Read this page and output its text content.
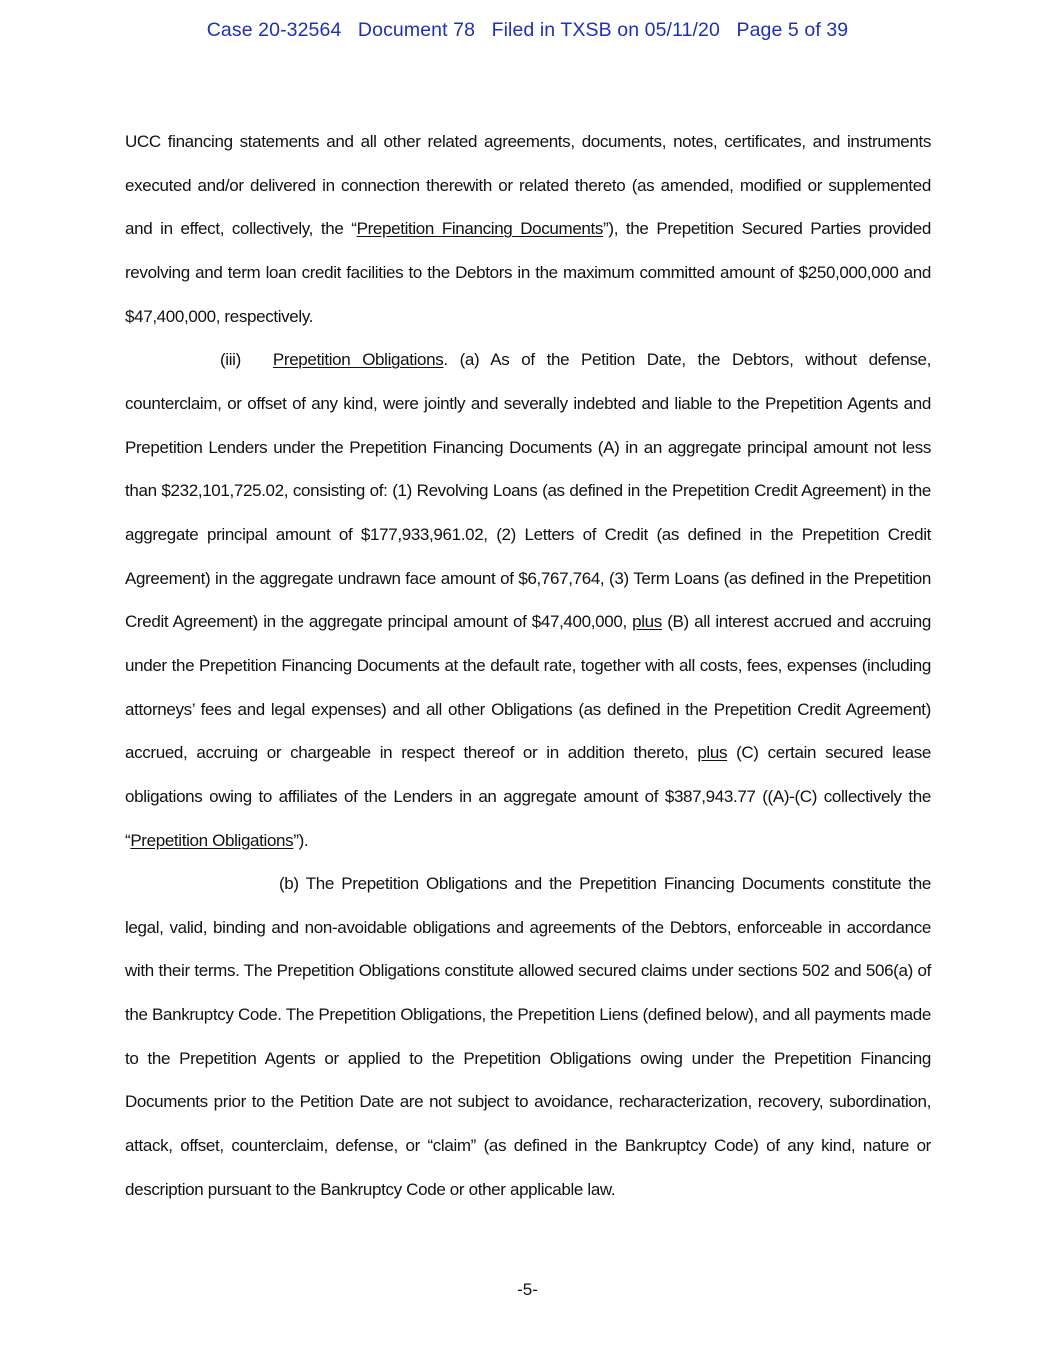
Case 20-32564   Document 78   Filed in TXSB on 05/11/20   Page 5 of 39

UCC financing statements and all other related agreements, documents, notes, certificates, and instruments executed and/or delivered in connection therewith or related thereto (as amended, modified or supplemented and in effect, collectively, the “Prepetition Financing Documents”), the Prepetition Secured Parties provided revolving and term loan credit facilities to the Debtors in the maximum committed amount of $250,000,000 and $47,400,000, respectively.

(iii) Prepetition Obligations. (a) As of the Petition Date, the Debtors, without defense, counterclaim, or offset of any kind, were jointly and severally indebted and liable to the Prepetition Agents and Prepetition Lenders under the Prepetition Financing Documents (A) in an aggregate principal amount not less than $232,101,725.02, consisting of: (1) Revolving Loans (as defined in the Prepetition Credit Agreement) in the aggregate principal amount of $177,933,961.02, (2) Letters of Credit (as defined in the Prepetition Credit Agreement) in the aggregate undrawn face amount of $6,767,764, (3) Term Loans (as defined in the Prepetition Credit Agreement) in the aggregate principal amount of $47,400,000, plus (B) all interest accrued and accruing under the Prepetition Financing Documents at the default rate, together with all costs, fees, expenses (including attorneys’ fees and legal expenses) and all other Obligations (as defined in the Prepetition Credit Agreement) accrued, accruing or chargeable in respect thereof or in addition thereto, plus (C) certain secured lease obligations owing to affiliates of the Lenders in an aggregate amount of $387,943.77 ((A)-(C) collectively the “Prepetition Obligations”).

(b) The Prepetition Obligations and the Prepetition Financing Documents constitute the legal, valid, binding and non-avoidable obligations and agreements of the Debtors, enforceable in accordance with their terms. The Prepetition Obligations constitute allowed secured claims under sections 502 and 506(a) of the Bankruptcy Code. The Prepetition Obligations, the Prepetition Liens (defined below), and all payments made to the Prepetition Agents or applied to the Prepetition Obligations owing under the Prepetition Financing Documents prior to the Petition Date are not subject to avoidance, recharacterization, recovery, subordination, attack, offset, counterclaim, defense, or “claim” (as defined in the Bankruptcy Code) of any kind, nature or description pursuant to the Bankruptcy Code or other applicable law.

-5-
